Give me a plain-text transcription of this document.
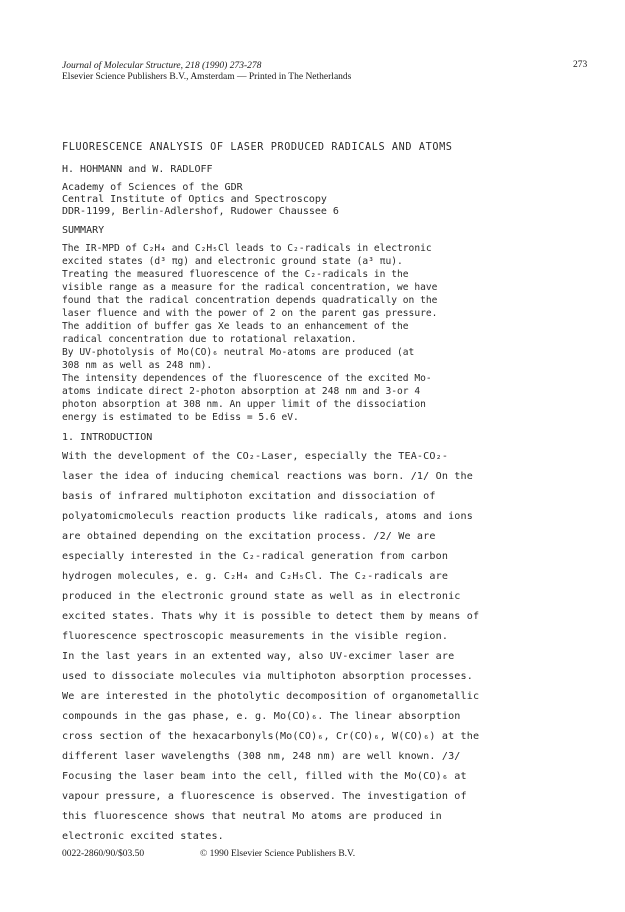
Journal of Molecular Structure, 218 (1990) 273-278	273
Elsevier Science Publishers B.V., Amsterdam — Printed in The Netherlands
FLUORESCENCE ANALYSIS OF LASER PRODUCED RADICALS AND ATOMS
H. HOHMANN and W. RADLOFF
Academy of Sciences of the GDR
Central Institute of Optics and Spectroscopy
DDR-1199, Berlin-Adlershof, Rudower Chaussee 6
SUMMARY
The IR-MPD of C₂H₄ and C₂H₅Cl leads to C₂-radicals in electronic
excited states (d³ πg) and electronic ground state (a³ πu).
Treating the measured fluorescence of the C₂-radicals in the
visible range as a measure for the radical concentration, we have
found that the radical concentration depends quadratically on the
laser fluence and with the power of 2 on the parent gas pressure.
The addition of buffer gas Xe leads to an enhancement of the
radical concentration due to rotational relaxation.
By UV-photolysis of Mo(CO)₆ neutral Mo-atoms are produced (at
308 nm as well as 248 nm).
The intensity dependences of the fluorescence of the excited Mo-
atoms indicate direct 2-photon absorption at 248 nm and 3-or 4
photon absorption at 308 nm. An upper limit of the dissociation
energy is estimated to be Ediss = 5.6 eV.
1. INTRODUCTION
With the development of the CO₂-Laser, especially the TEA-CO₂-
laser the idea of inducing chemical reactions was born. /1/ On the
basis of infrared multiphoton excitation and dissociation of
polyatomicmoleculs reaction products like radicals, atoms and ions
are obtained depending on the excitation process. /2/ We are
especially interested in the C₂-radical generation from carbon
hydrogen molecules, e. g. C₂H₄ and C₂H₅Cl. The C₂-radicals are
produced in the electronic ground state as well as in electronic
excited states. Thats why it is possible to detect them by means of
fluorescence spectroscopic measurements in the visible region.
In the last years in an extented way, also UV-excimer laser are
used to dissociate molecules via multiphoton absorption processes.
We are interested in the photolytic decomposition of organometallic
compounds in the gas phase, e. g. Mo(CO)₆. The linear absorption
cross section of the hexacarbonyls(Mo(CO)₆, Cr(CO)₆, W(CO)₆) at the
different laser wavelengths (308 nm, 248 nm) are well known. /3/
Focusing the laser beam into the cell, filled with the Mo(CO)₆ at
vapour pressure, a fluorescence is observed. The investigation of
this fluorescence shows that neutral Mo atoms are produced in
electronic excited states.
0022-2860/90/$03.50	© 1990 Elsevier Science Publishers B.V.
